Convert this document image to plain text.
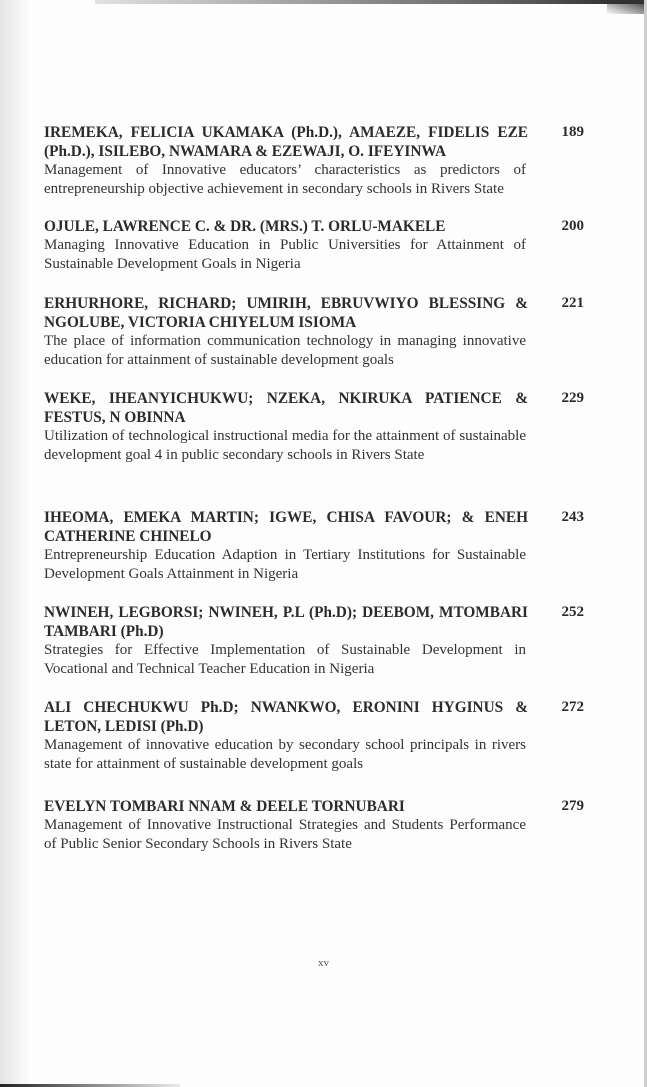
IREMEKA, FELICIA UKAMAKA (Ph.D.), AMAEZE, FIDELIS EZE (Ph.D.), ISILEBO, NWAMARA & EZEWAJI, O. IFEYINWA
189
Management of Innovative educators’ characteristics as predictors of entrepreneurship objective achievement in secondary schools in Rivers State
OJULE, LAWRENCE C. & DR. (MRS.) T. ORLU-MAKELE	200
Managing Innovative Education in Public Universities for Attainment of Sustainable Development Goals in Nigeria
ERHURHORE, RICHARD; UMIRIH, EBRUVWIYO BLESSING & NGOLUBE, VICTORIA CHIYELUM ISIOMA
221
The place of information communication technology in managing innovative education for attainment of sustainable development goals
WEKE, IHEANYICHUKWU; NZEKA, NKIRUKA PATIENCE & FESTUS, N OBINNA
229
Utilization of technological instructional media for the attainment of sustainable development goal 4 in public secondary schools in Rivers State
IHEOMA, EMEKA MARTIN; IGWE, CHISA FAVOUR; & ENEH CATHERINE CHINELO
243
Entrepreneurship Education Adaption in Tertiary Institutions for Sustainable Development Goals Attainment in Nigeria
NWINEH, LEGBORSI; NWINEH, P.L (Ph.D); DEEBOM, MTOMBARI TAMBARI (Ph.D)
252
Strategies for Effective Implementation of Sustainable Development in Vocational and Technical Teacher Education in Nigeria
ALI CHECHUKWU Ph.D; NWANKWO, ERONINI HYGINUS & LETON, LEDISI (Ph.D)
272
Management of innovative education by secondary school principals in rivers state for attainment of sustainable development goals
EVELYN TOMBARI NNAM & DEELE TORNUBARI	279
Management of Innovative Instructional Strategies and Students Performance of Public Senior Secondary Schools in Rivers State
xv
